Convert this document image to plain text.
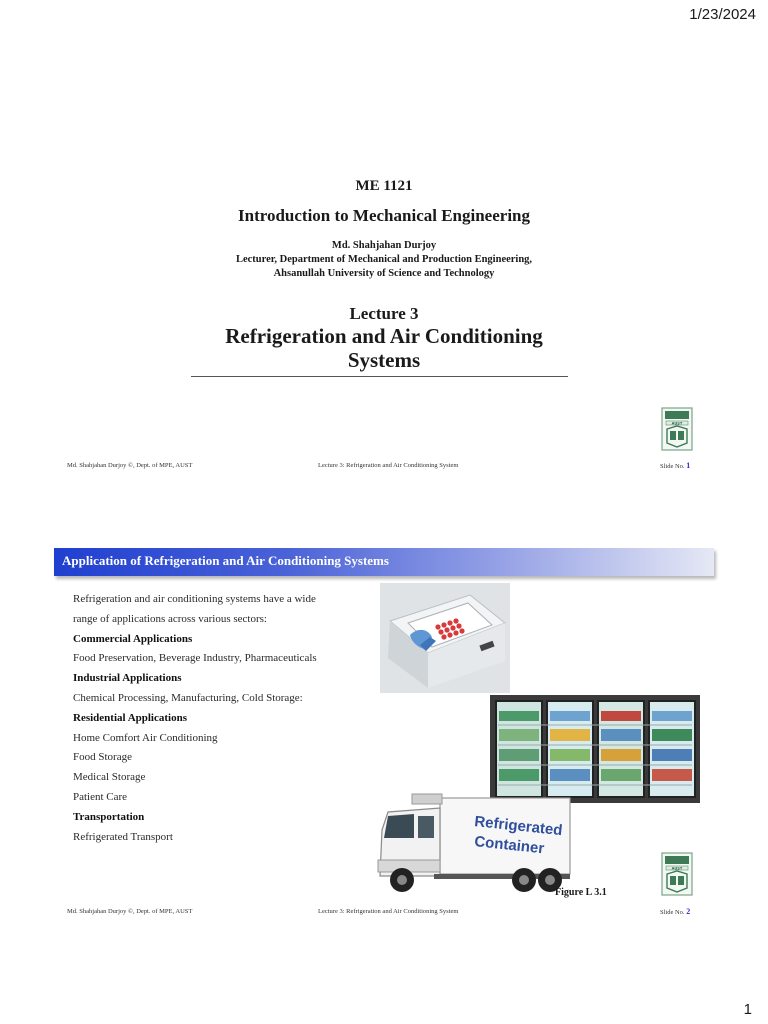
1/23/2024
ME 1121
Introduction to Mechanical Engineering
Md. Shahjahan Durjoy
Lecturer, Department of Mechanical and Production Engineering,
Ahsanullah University of Science and Technology
Lecture 3
Refrigeration and Air Conditioning
Systems
AUST
Md. Shahjahan Durjoy ©, Dept. of MPE, AUST	Lecture 3: Refrigeration and Air Conditioning System	Slide No. 1
Application of Refrigeration and Air Conditioning Systems
Refrigeration and air conditioning systems have a wide
range of applications across various sectors:
Commercial Applications
Food Preservation, Beverage Industry, Pharmaceuticals
Industrial Applications
Chemical Processing, Manufacturing, Cold Storage:
Residential Applications
Home Comfort Air Conditioning
Food Storage
Medical Storage
Patient Care
Transportation
Refrigerated Transport	Refrigerated
Container
Figure L 3.1
AUST
Md. Shahjahan Durjoy ©, Dept. of MPE, AUST	Lecture 3: Refrigeration and Air Conditioning System	Slide No. 2
1
